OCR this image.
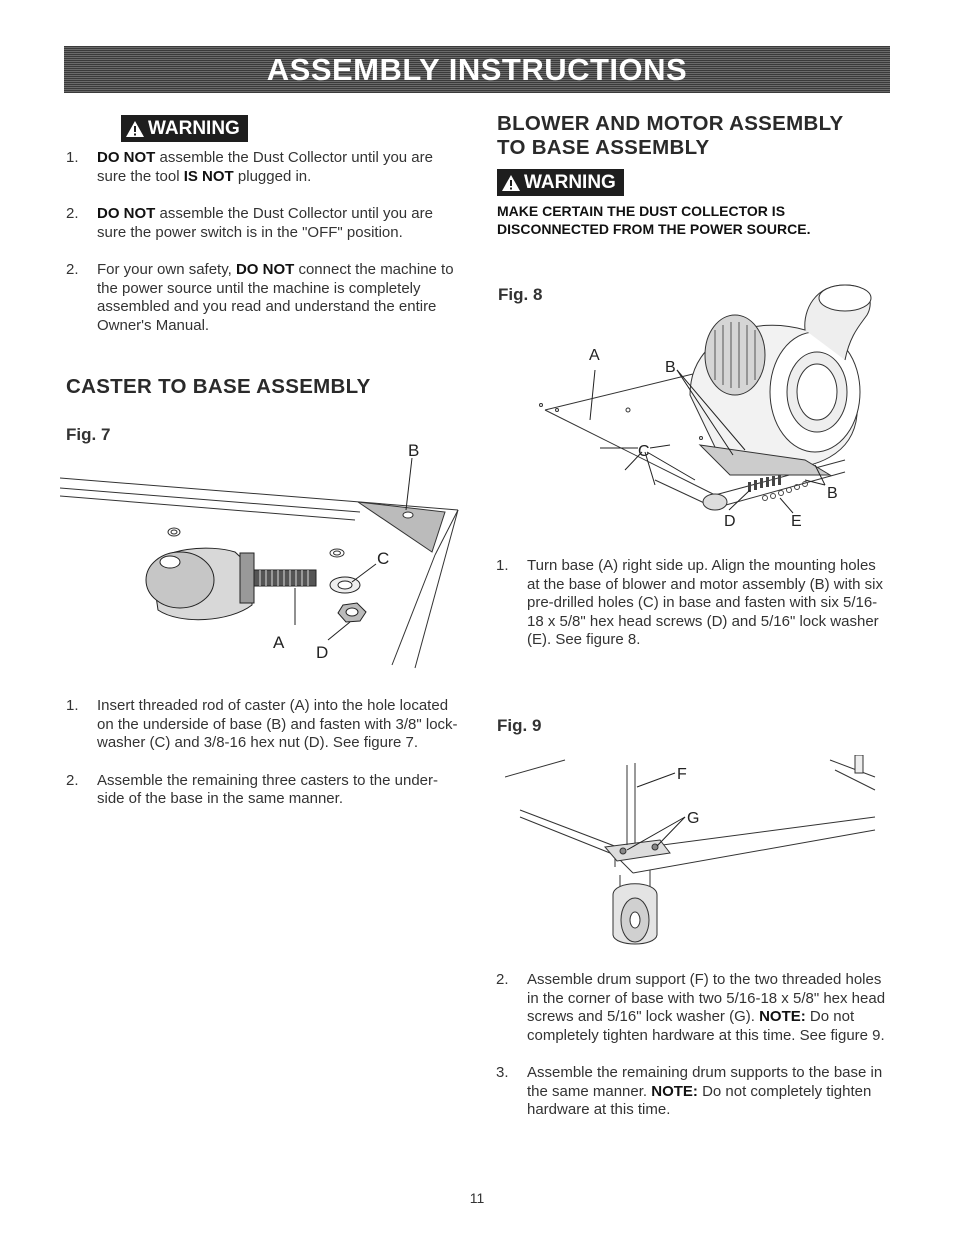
ASSEMBLY INSTRUCTIONS
WARNING
1. DO NOT assemble the Dust Collector until you are sure the tool IS NOT plugged in.
2. DO NOT assemble the Dust Collector until you are sure the power switch is in the "OFF" position.
2. For your own safety, DO NOT connect the machine to the power source until the machine is completely assembled and you read and understand the entire Owner's Manual.
CASTER TO BASE ASSEMBLY
Fig. 7
B
C
A
D
1. Insert threaded rod of caster (A) into the hole located on the underside of base (B) and fasten with 3/8" lock-washer (C) and 3/8-16 hex nut (D). See figure 7.
2. Assemble the remaining three casters to the under-side of the base in the same manner.
BLOWER AND MOTOR ASSEMBLY
TO BASE ASSEMBLY
WARNING
MAKE CERTAIN THE DUST COLLECTOR IS
DISCONNECTED FROM THE POWER SOURCE.
Fig. 8
A
B
C
B
D	E
1. Turn base (A) right side up. Align the mounting holes at the base of blower and motor assembly (B) with six pre-drilled holes (C) in base and fasten with six 5/16-18 x 5/8" hex head screws (D) and 5/16" lock washer (E). See figure 8.
Fig. 9
F
G
2. Assemble drum support (F) to the two threaded holes in the corner of base with two 5/16-18 x 5/8" hex head screws and 5/16" lock washer (G). NOTE: Do not completely tighten hardware at this time. See figure 9.
3. Assemble the remaining drum supports to the base in the same manner. NOTE: Do not completely tighten hardware at this time.
11
